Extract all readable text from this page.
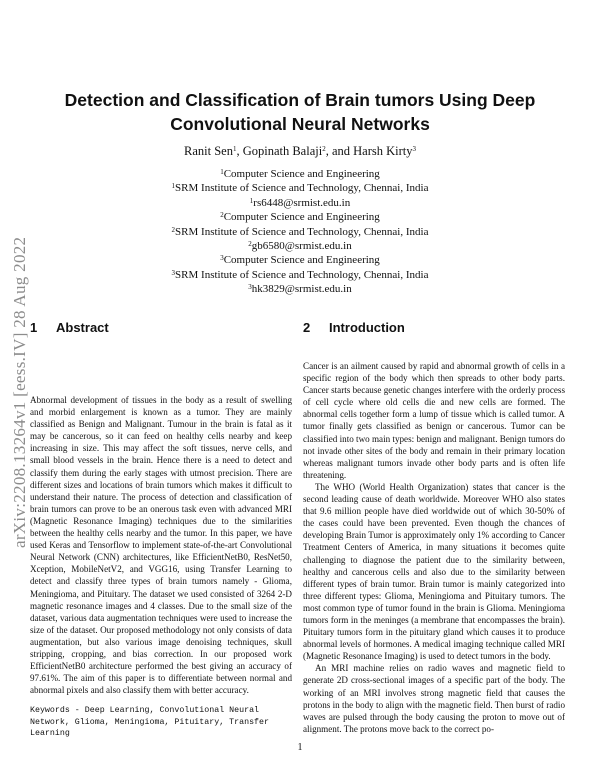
arXiv:2208.13264v1 [eess.IV] 28 Aug 2022
Detection and Classification of Brain tumors Using Deep Convolutional Neural Networks
Ranit Sen$^1$, Gopinath Balaji$^2$, and Harsh Kirty$^3$
$^1$Computer Science and Engineering
$^1$SRM Institute of Science and Technology, Chennai, India
$^1$rs6448@srmist.edu.in
$^2$Computer Science and Engineering
$^2$SRM Institute of Science and Technology, Chennai, India
$^2$gb6580@srmist.edu.in
$^3$Computer Science and Engineering
$^3$SRM Institute of Science and Technology, Chennai, India
$^3$hk3829@srmist.edu.in
1 Abstract

Abnormal development of tissues in the body as a result of swelling and morbid enlargement is known as a tumor. They are mainly classified as Benign and Malignant. Tumour in the brain is fatal as it may be cancerous, so it can feed on healthy cells nearby and keep increasing in size. This may affect the soft tissues, nerve cells, and small blood vessels in the brain. Hence there is a need to detect and classify them during the early stages with utmost precision. There are different sizes and locations of brain tumors which makes it difficult to understand their nature. The process of detection and classification of brain tumors can prove to be an onerous task even with advanced MRI (Magnetic Resonance Imaging) techniques due to the similarities between the healthy cells nearby and the tumor. In this paper, we have used Keras and Tensorflow to implement state-of-the-art Convolutional Neural Network (CNN) architectures, like EfficientNetB0, ResNet50, Xception, MobileNetV2, and VGG16, using Transfer Learning to detect and classify three types of brain tumors namely - Glioma, Meningioma, and Pituitary. The dataset we used consisted of 3264 2-D magnetic resonance images and 4 classes. Due to the small size of the dataset, various data augmentation techniques were used to increase the size of the dataset. Our proposed methodology not only consists of data augmentation, but also various image denoising techniques, skull stripping, cropping, and bias correction. In our proposed work EfficientNetB0 architecture performed the best giving an accuracy of 97.61%. The aim of this paper is to differentiate between normal and abnormal pixels and also classify them with better accuracy.

Keywords - Deep Learning, Convolutional Neural Network, Glioma, Meningioma, Pituitary, Transfer Learning
2 Introduction

Cancer is an ailment caused by rapid and abnormal growth of cells in a specific region of the body which then spreads to other body parts. Cancer starts because genetic changes interfere with the orderly process of cell cycle where old cells die and new cells are formed. The abnormal cells together form a lump of tissue which is called tumor. A tumor finally gets classified as benign or cancerous. Tumor can be classified into two main types: benign and malignant. Benign tumors do not invade other sites of the body and remain in their primary location whereas malignant tumors invade other body parts and is often life threatening.

The WHO (World Health Organization) states that cancer is the second leading cause of death worldwide. Moreover WHO also states that 9.6 million people have died worldwide out of which 30-50% of the cases could have been prevented. Even though the chances of developing Brain Tumor is approximately only 1% according to Cancer Treatment Centers of America, in many situations it becomes quite challenging to diagnose the patient due to the similarity between, healthy and cancerous cells and also due to the similarity between different types of brain tumor. Brain tumor is mainly categorized into three different types: Glioma, Meningioma and Pituitary tumors. The most common type of tumor found in the brain is Glioma. Meningioma tumors form in the meninges (a membrane that encompasses the brain). Pituitary tumors form in the pituitary gland which causes it to produce abnormal levels of hormones. A medical imaging technique called MRI (Magnetic Resonance Imaging) is used to detect tumors in the body.

An MRI machine relies on radio waves and magnetic field to generate 2D cross-sectional images of a specific part of the body. The working of an MRI involves strong magnetic field that causes the protons in the body to align with the magnetic field. Then burst of radio waves are pulsed through the body causing the proton to move out of alignment. The protons move back to the correct po-

1
